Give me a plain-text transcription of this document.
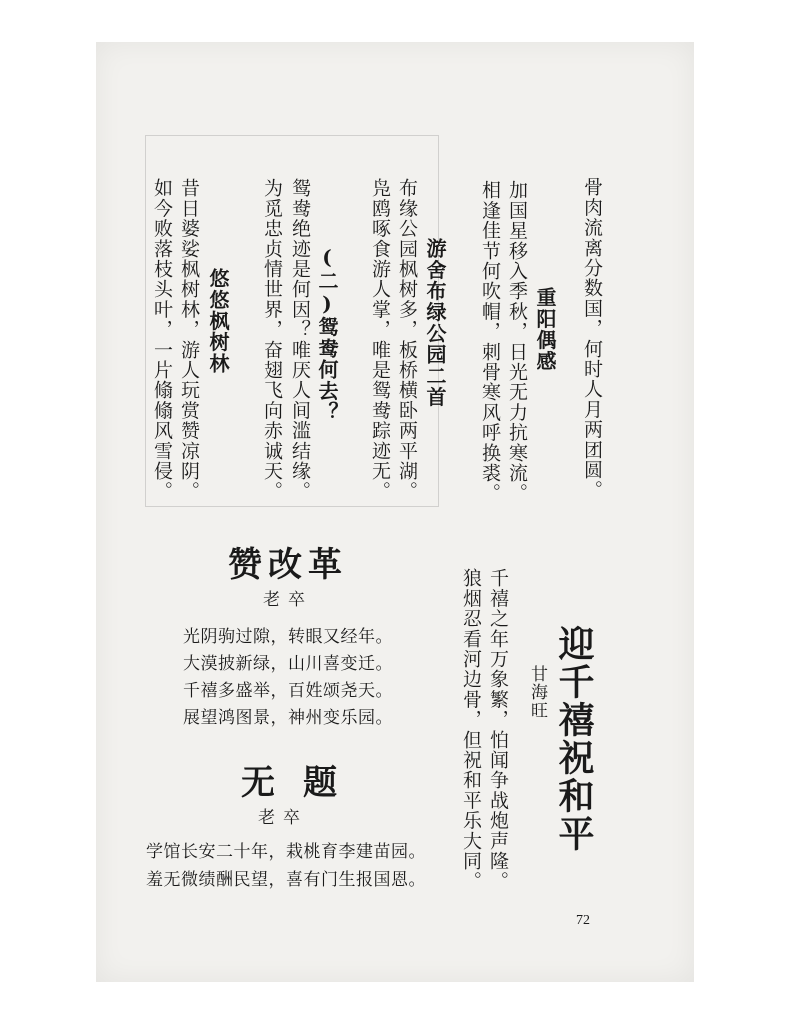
骨肉流离分数国，何时人月两团圆。
重阳偶感
加国星移入季秋，日光无力抗寒流。
相逢佳节何吹帽，刺骨寒风呼换裘。
游舍布绿公园二首
布缘公园枫树多，板桥横卧两平湖。
凫鸥啄食游人掌，唯是鸳鸯踪迹无。
(二)鸳鸯何去？
鸳鸯绝迹是何因？唯厌人间滥结缘。
为觅忠贞情世界，奋翅飞向赤诚天。
悠悠枫树林
昔日婆娑枫树林，游人玩赏赞凉阴。
如今败落枝头叶，一片翛翛风雪侵。
赞改革
老卒
光阴驹过隙，转眼又经年。
大漠披新绿，山川喜变迁。
千禧多盛举，百姓颂尧天。
展望鸿图景，神州变乐园。
无题
老卒
学馆长安二十年，栽桃育李建苗园。
羞无微绩酬民望，喜有门生报国恩。
迎千禧祝和平
甘海旺
千禧之年万象繁，怕闻争战炮声隆。
狼烟忍看河边骨，但祝和平乐大同。
72
